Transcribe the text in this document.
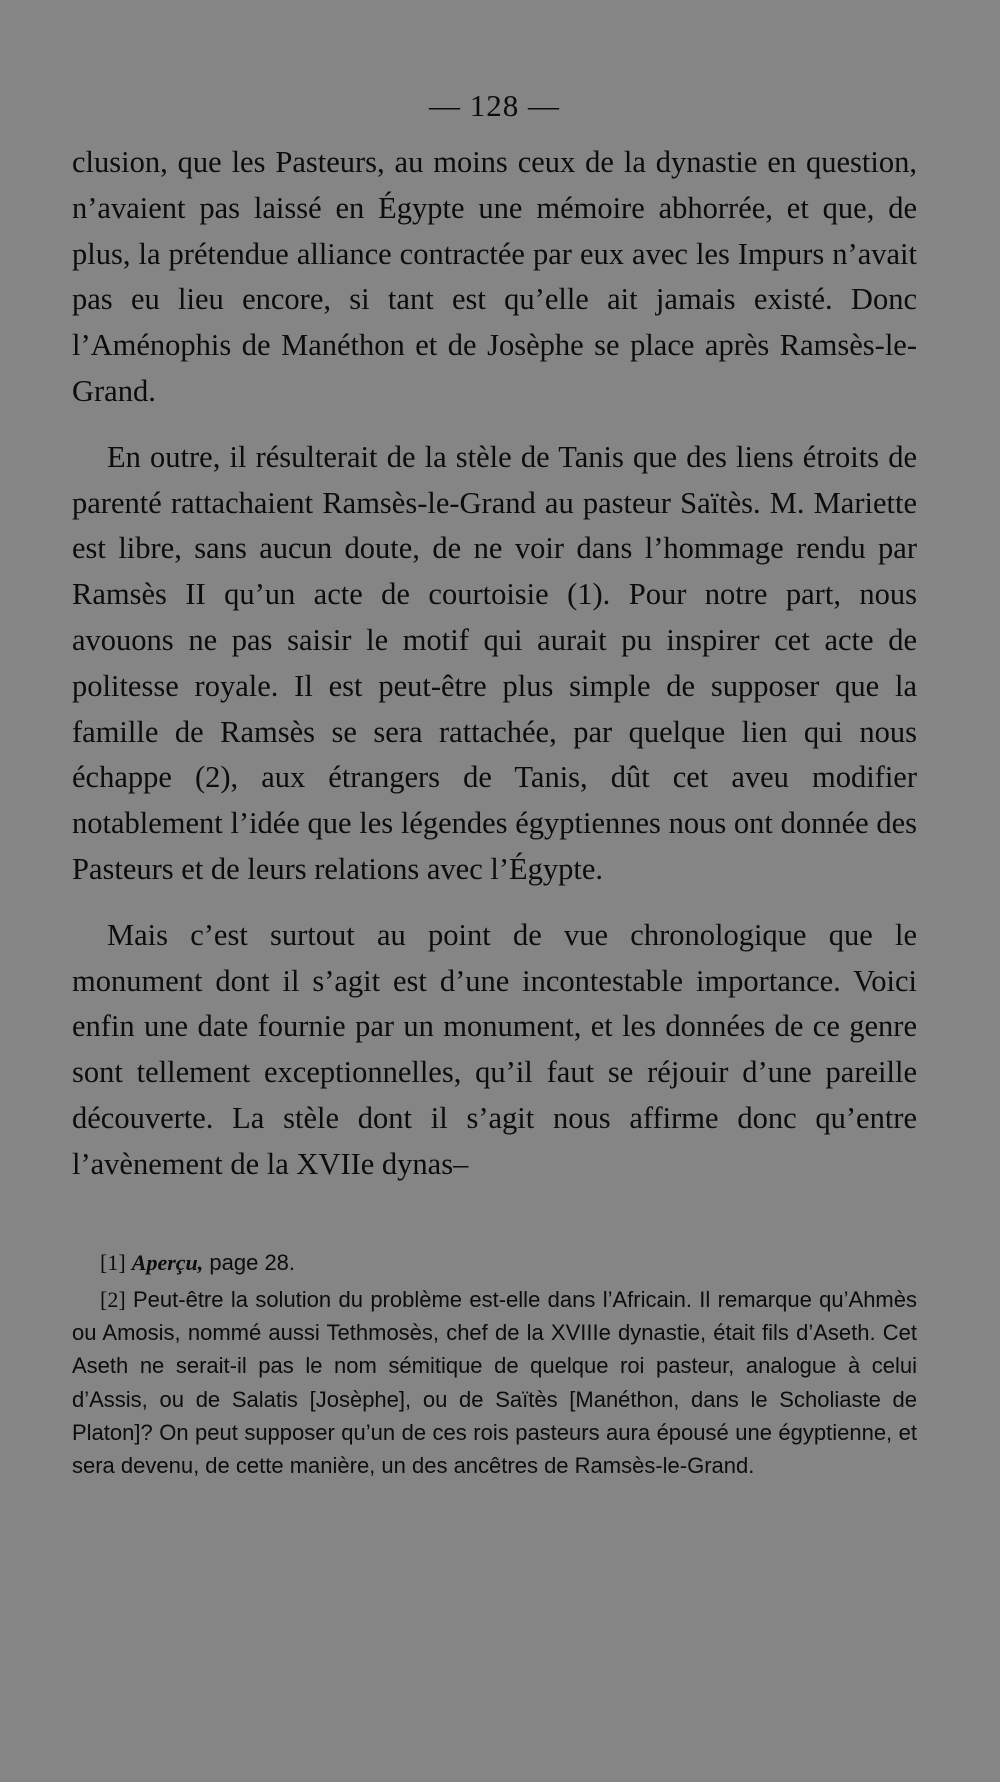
— 128 —

clusion, que les Pasteurs, au moins ceux de la dynastie en question, n’avaient pas laissé en Égypte une mémoire abhorrée, et que, de plus, la prétendue alliance contractée par eux avec les Impurs n’avait pas eu lieu encore, si tant est qu’elle ait jamais existé. Donc l’Aménophis de Manéthon et de Josèphe se place après Ramsès-le-Grand.

En outre, il résulterait de la stèle de Tanis que des liens étroits de parenté rattachaient Ramsès-le-Grand au pasteur Saïtès. M. Mariette est libre, sans aucun doute, de ne voir dans l’hommage rendu par Ramsès II qu’un acte de courtoisie (1). Pour notre part, nous avouons ne pas saisir le motif qui aurait pu inspirer cet acte de politesse royale. Il est peut-être plus simple de supposer que la famille de Ramsès se sera rattachée, par quelque lien qui nous échappe (2), aux étrangers de Tanis, dût cet aveu modifier notablement l’idée que les légendes égyptiennes nous ont donnée des Pasteurs et de leurs relations avec l’Égypte.

Mais c’est surtout au point de vue chronologique que le monument dont il s’agit est d’une incontestable importance. Voici enfin une date fournie par un monument, et les données de ce genre sont tellement exceptionnelles, qu’il faut se réjouir d’une pareille découverte. La stèle dont il s’agit nous affirme donc qu’entre l’avènement de la XVIIe dynas–

[1] Aperçu, page 28.

[2] Peut-être la solution du problème est-elle dans l’Africain. Il remarque qu’Ahmès ou Amosis, nommé aussi Tethmosès, chef de la XVIIIe dynastie, était fils d’Aseth. Cet Aseth ne serait-il pas le nom sémitique de quelque roi pasteur, analogue à celui d’Assis, ou de Salatis [Josèphe], ou de Saïtès [Manéthon, dans le Scholiaste de Platon]? On peut supposer qu’un de ces rois pasteurs aura épousé une égyptienne, et sera devenu, de cette manière, un des ancêtres de Ramsès-le-Grand.
